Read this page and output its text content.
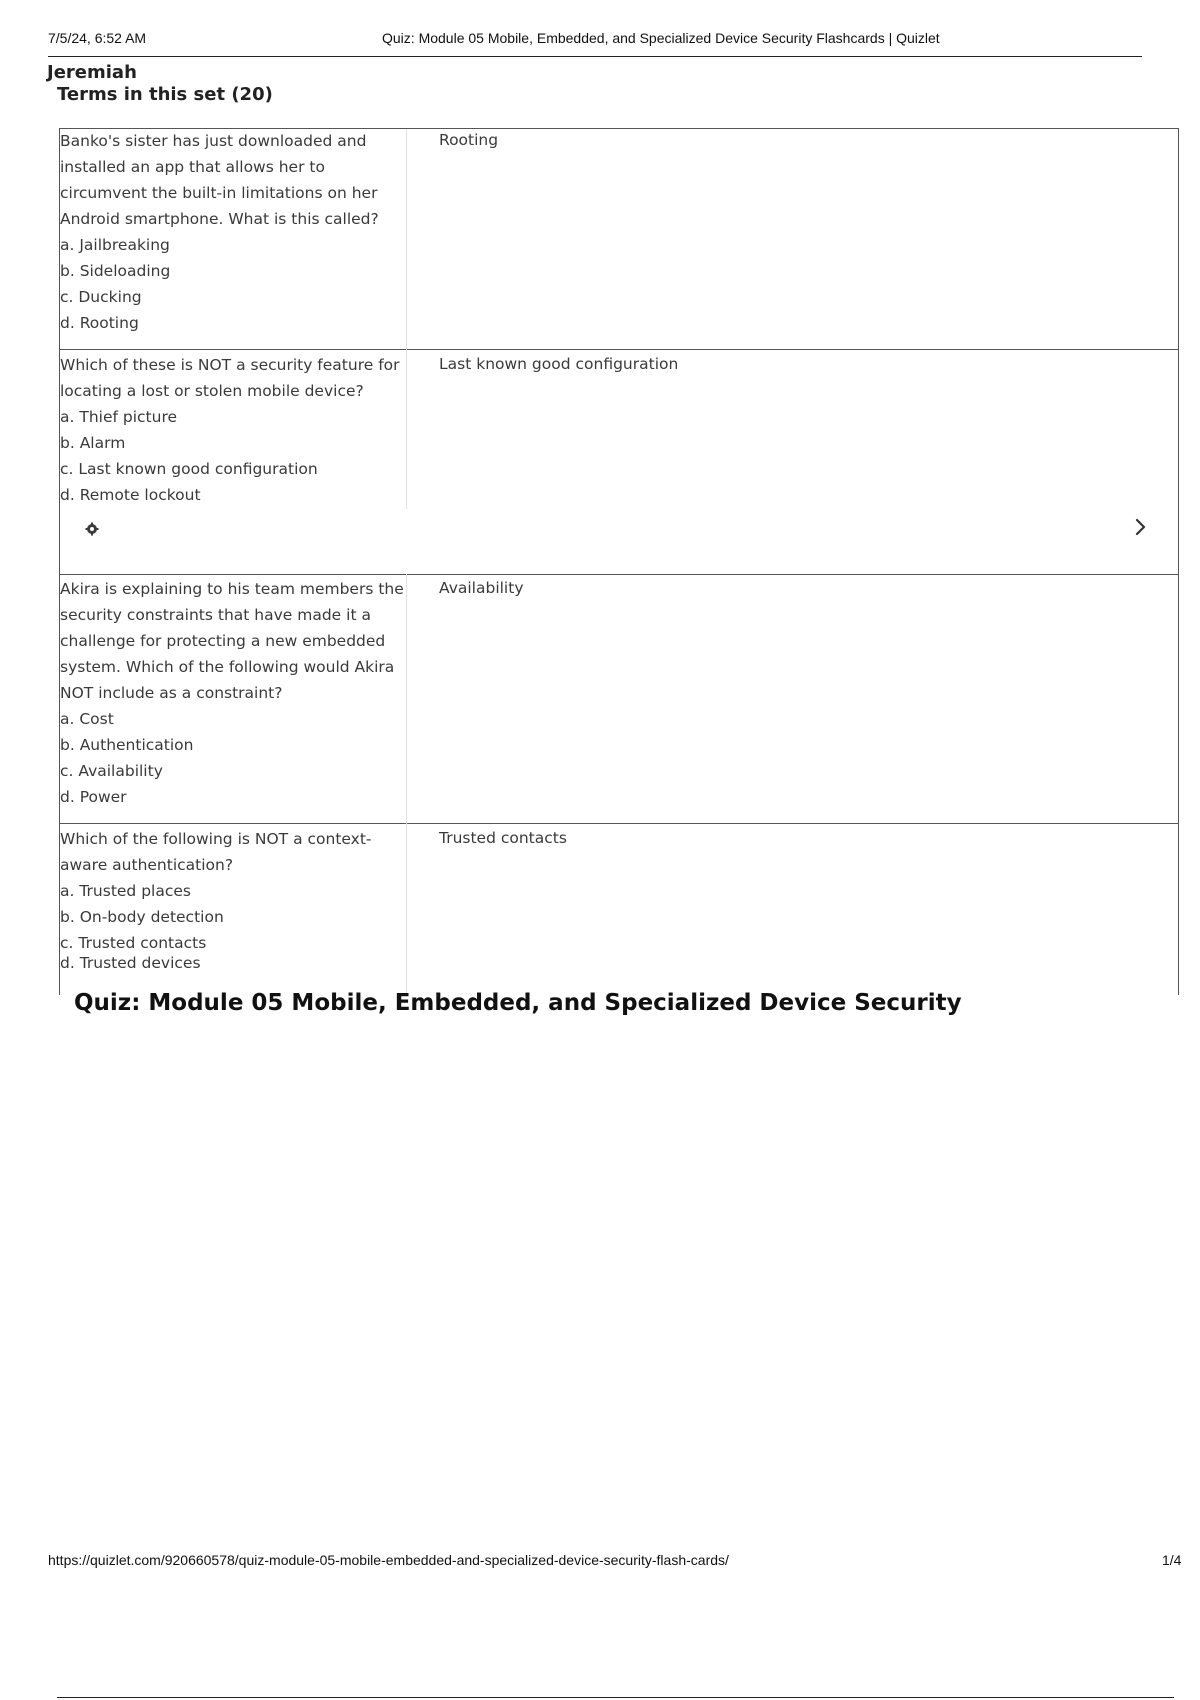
7/5/24, 6:52 AM	Quiz: Module 05 Mobile, Embedded, and Specialized Device Security Flashcards | Quizlet
Jeremiah
Terms in this set (20)
Banko's sister has just downloaded and
installed an app that allows her to
circumvent the built-in limitations on her
Android smartphone. What is this called?
a. Jailbreaking
b. Sideloading
c. Ducking
d. Rooting
Rooting
Which of these is NOT a security feature for
locating a lost or stolen mobile device?
a. Thief picture
b. Alarm
c. Last known good configuration
d. Remote lockout
Last known good configuration
Akira is explaining to his team members the
security constraints that have made it a
challenge for protecting a new embedded
system. Which of the following would Akira
NOT include as a constraint?
a. Cost
b. Authentication
c. Availability
d. Power
Availability
Which of the following is NOT a context-
aware authentication?
a. Trusted places
b. On-body detection
c. Trusted contacts
d. Trusted devices
Trusted contacts
Quiz: Module 05 Mobile, Embedded, and Specialized Device Security
https://quizlet.com/920660578/quiz-module-05-mobile-embedded-and-specialized-device-security-flash-cards/	1/4
